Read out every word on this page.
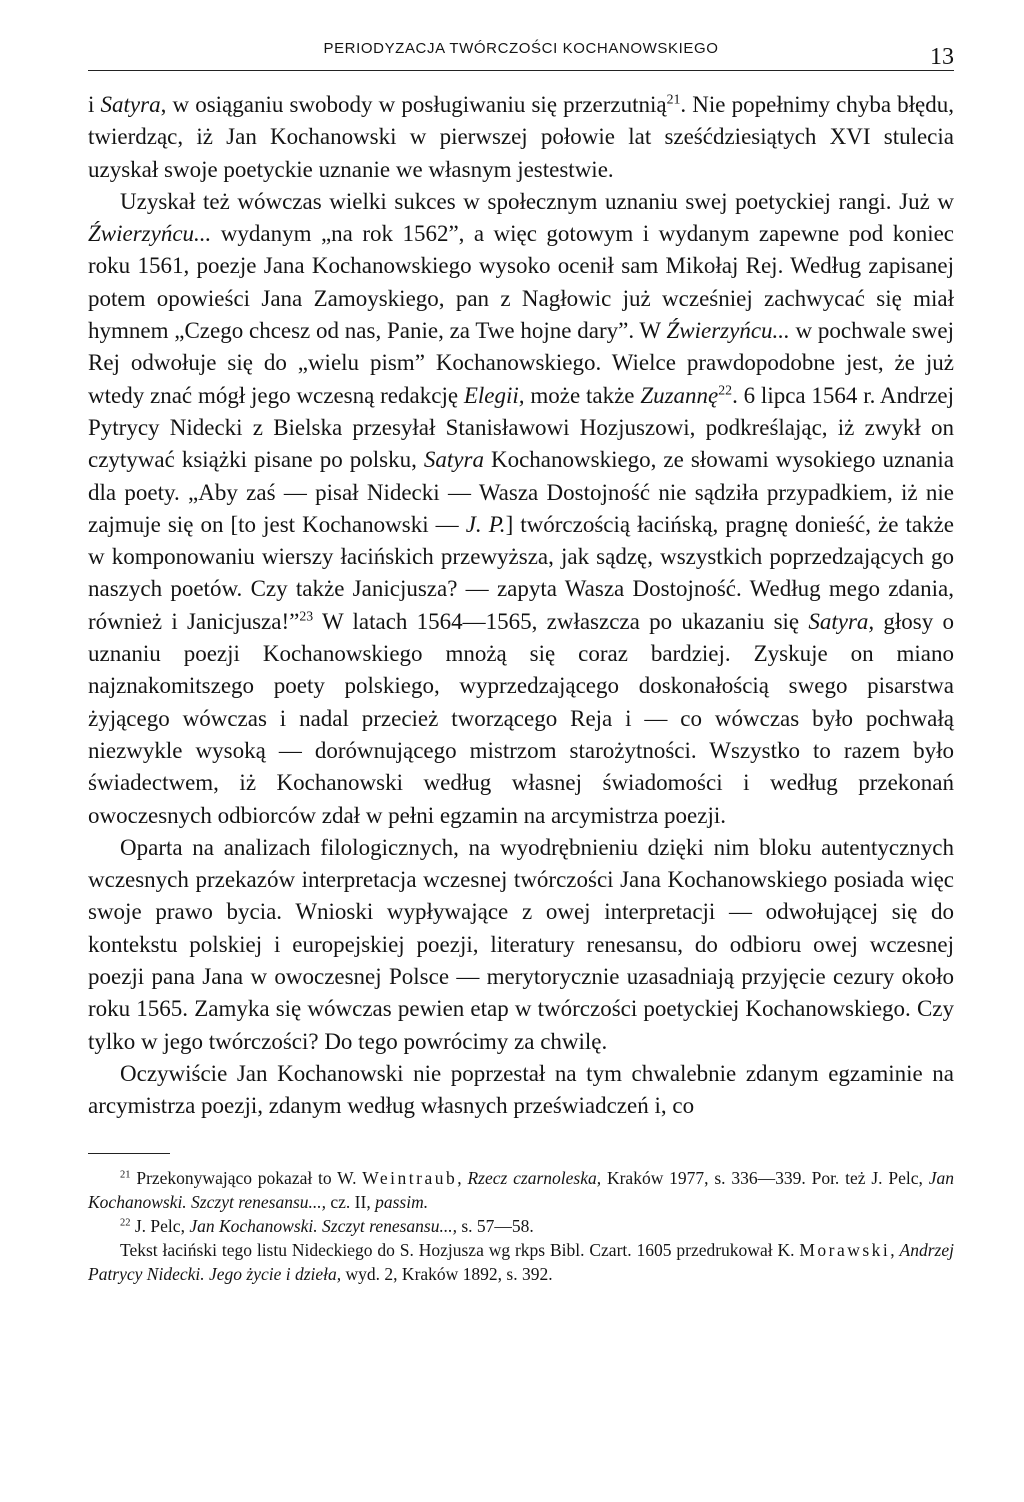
PERIODYZACJA TWÓRCZOŚCI KOCHANOWSKIEGO	13

i Satyra, w osiąganiu swobody w posługiwaniu się przerzutnią$^{21}$. Nie popełnimy chyba błędu, twierdząc, iż Jan Kochanowski w pierwszej połowie lat sześćdziesiątych XVI stulecia uzyskał swoje poetyckie uznanie we własnym jestestwie.

Uzyskał też wówczas wielki sukces w społecznym uznaniu swej poetyckiej rangi. Już w Źwierzyńcu... wydanym „na rok 1562”, a więc gotowym i wydanym zapewne pod koniec roku 1561, poezje Jana Kochanowskiego wysoko ocenił sam Mikołaj Rej. Według zapisanej potem opowieści Jana Zamoyskiego, pan z Nagłowic już wcześniej zachwycać się miał hymnem „Czego chcesz od nas, Panie, za Twe hojne dary”. W Źwierzyńcu... w pochwale swej Rej odwołuje się do „wielu pism” Kochanowskiego. Wielce prawdopodobne jest, że już wtedy znać mógł jego wczesną redakcję Elegii, może także Zuzannę$^{22}$. 6 lipca 1564 r. Andrzej Pytrycy Nidecki z Bielska przesyłał Stanisławowi Hozjuszowi, podkreślając, iż zwykł on czytywać książki pisane po polsku, Satyra Kochanowskiego, ze słowami wysokiego uznania dla poety. „Aby zaś — pisał Nidecki — Wasza Dostojność nie sądziła przypadkiem, iż nie zajmuje się on [to jest Kochanowski — J. P.] twórczością łacińską, pragnę donieść, że także w komponowaniu wierszy łacińskich przewyższa, jak sądzę, wszystkich poprzedzających go naszych poetów. Czy także Janicjusza? — zapyta Wasza Dostojność. Według mego zdania, również i Janicjusza!”$^{23}$ W latach 1564—1565, zwłaszcza po ukazaniu się Satyra, głosy o uznaniu poezji Kochanowskiego mnożą się coraz bardziej. Zyskuje on miano najznakomitszego poety polskiego, wyprzedzającego doskonałością swego pisarstwa żyjącego wówczas i nadal przecież tworzącego Reja i — co wówczas było pochwałą niezwykle wysoką — dorównującego mistrzom starożytności. Wszystko to razem było świadectwem, iż Kochanowski według własnej świadomości i według przekonań owoczesnych odbiorców zdał w pełni egzamin na arcymistrza poezji.

Oparta na analizach filologicznych, na wyodrębnieniu dzięki nim bloku autentycznych wczesnych przekazów interpretacja wczesnej twórczości Jana Kochanowskiego posiada więc swoje prawo bycia. Wnioski wypływające z owej interpretacji — odwołującej się do kontekstu polskiej i europejskiej poezji, literatury renesansu, do odbioru owej wczesnej poezji pana Jana w owoczesnej Polsce — merytorycznie uzasadniają przyjęcie cezury około roku 1565. Zamyka się wówczas pewien etap w twórczości poetyckiej Kochanowskiego. Czy tylko w jego twórczości? Do tego powrócimy za chwilę.

Oczywiście Jan Kochanowski nie poprzestał na tym chwalebnie zdanym egzaminie na arcymistrza poezji, zdanym według własnych przeświadczeń i, co

$^{21}$ Przekonywająco pokazał to W. Weintraub, Rzecz czarnoleska, Kraków 1977, s. 336—339. Por. też J. Pelc, Jan Kochanowski. Szczyt renesansu..., cz. II, passim.

$^{22}$ J. Pelc, Jan Kochanowski. Szczyt renesansu..., s. 57—58.

Tekst łaciński tego listu Nideckiego do S. Hozjusza wg rkps Bibl. Czart. 1605 przedrukował K. Morawski, Andrzej Patrycy Nidecki. Jego życie i dzieła, wyd. 2, Kraków 1892, s. 392.
